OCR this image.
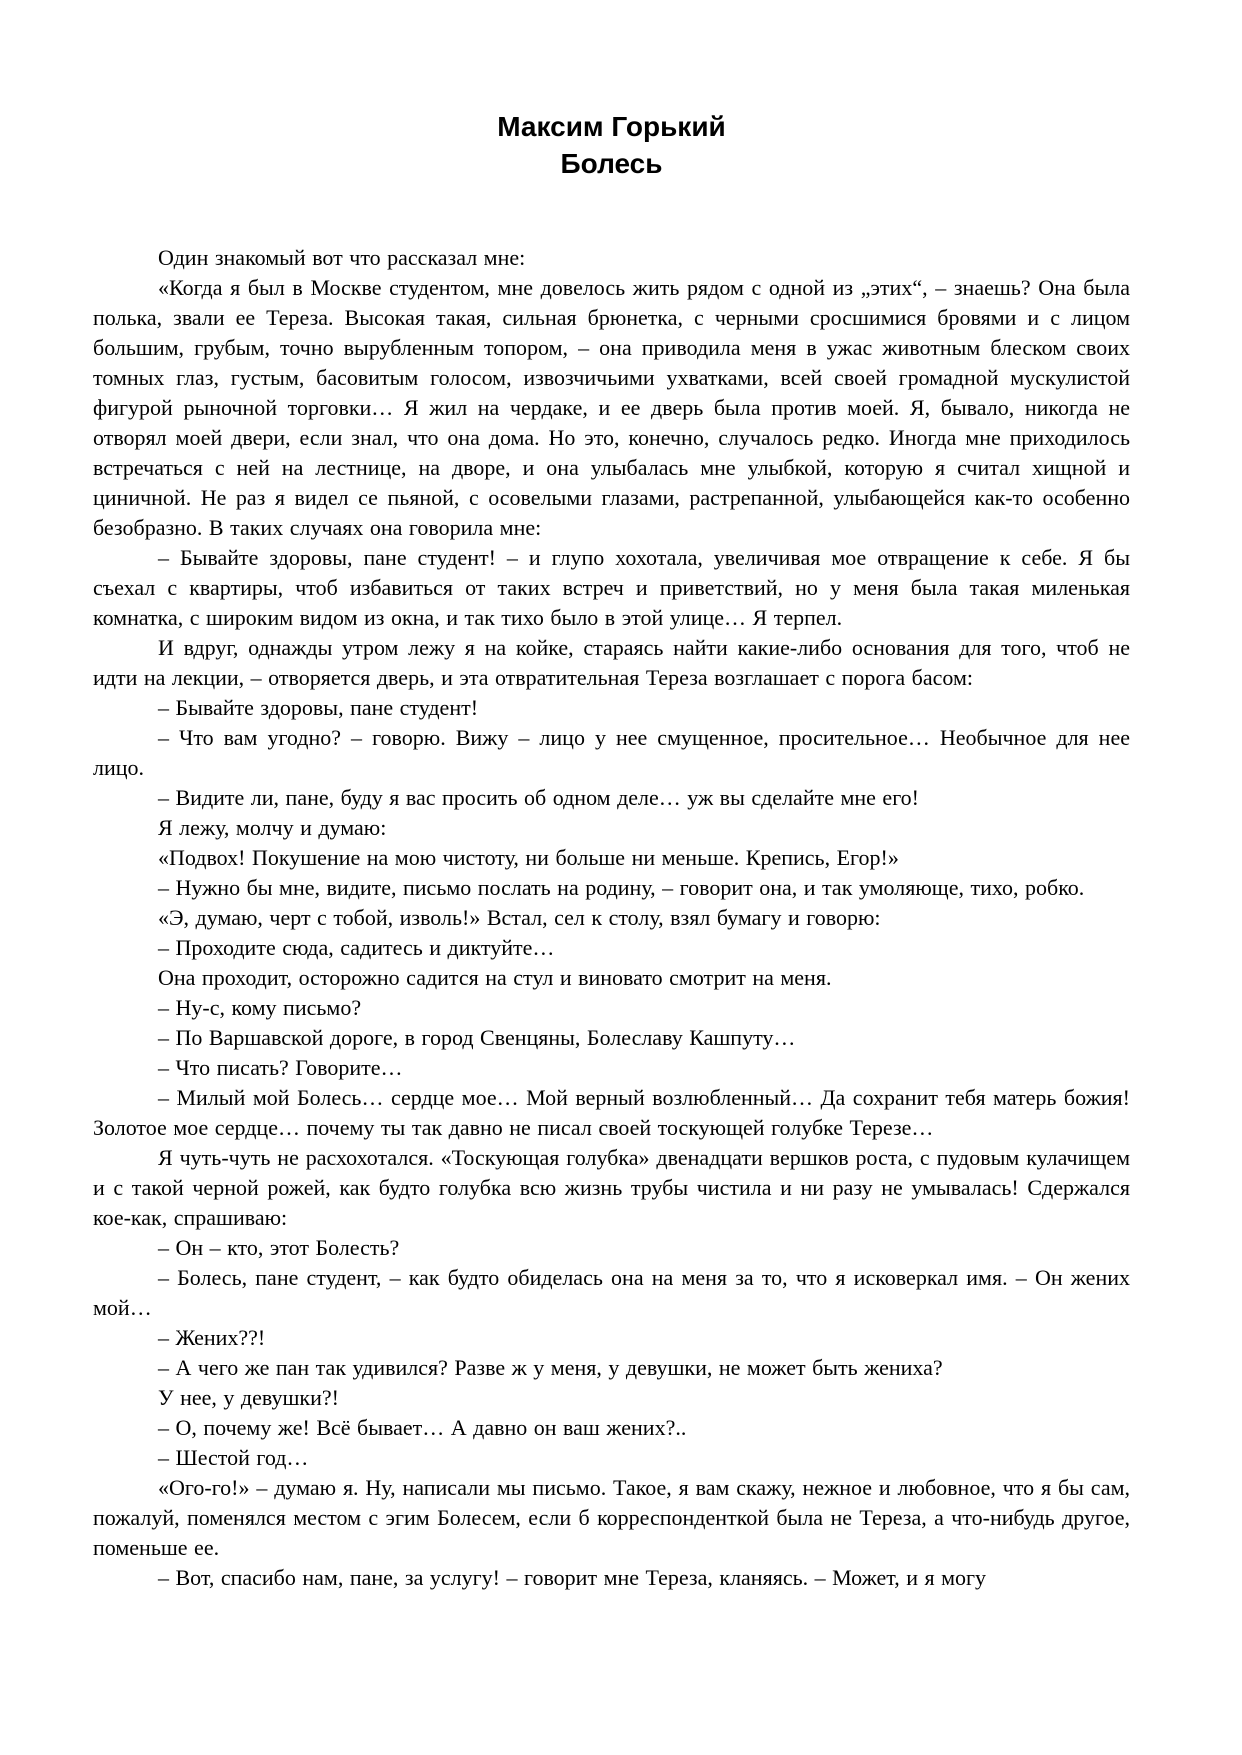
Максим Горький
Болесь

Один знакомый вот что рассказал мне:

«Когда я был в Москве студентом, мне довелось жить рядом с одной из „этих“, – знаешь? Она была полька, звали ее Тереза. Высокая такая, сильная брюнетка, с черными сросшимися бровями и с лицом большим, грубым, точно вырубленным топором, – она приводила меня в ужас животным блеском своих томных глаз, густым, басовитым голосом, извозчичьими ухватками, всей своей громадной мускулистой фигурой рыночной торговки… Я жил на чердаке, и ее дверь была против моей. Я, бывало, никогда не отворял моей двери, если знал, что она дома. Но это, конечно, случалось редко. Иногда мне приходилось встречаться с ней на лестнице, на дворе, и она улыбалась мне улыбкой, которую я считал хищной и циничной. Не раз я видел се пьяной, с осовелыми глазами, растрепанной, улыбающейся как-то особенно безобразно. В таких случаях она говорила мне:

– Бывайте здоровы, пане студент! – и глупо хохотала, увеличивая мое отвращение к себе. Я бы съехал с квартиры, чтоб избавиться от таких встреч и приветствий, но у меня была такая миленькая комнатка, с широким видом из окна, и так тихо было в этой улице… Я терпел.

И вдруг, однажды утром лежу я на койке, стараясь найти какие-либо основания для того, чтоб не идти на лекции, – отворяется дверь, и эта отвратительная Тереза возглашает с порога басом:

– Бывайте здоровы, пане студент!

– Что вам угодно? – говорю. Вижу – лицо у нее смущенное, просительное… Необычное для нее лицо.

– Видите ли, пане, буду я вас просить об одном деле… уж вы сделайте мне его!

Я лежу, молчу и думаю:

«Подвох! Покушение на мою чистоту, ни больше ни меньше. Крепись, Егор!»

– Нужно бы мне, видите, письмо послать на родину, – говорит она, и так умоляюще, тихо, робко.

«Э, думаю, черт с тобой, изволь!» Встал, сел к столу, взял бумагу и говорю:

– Проходите сюда, садитесь и диктуйте…

Она проходит, осторожно садится на стул и виновато смотрит на меня.

– Ну-с, кому письмо?

– По Варшавской дороге, в город Свенцяны, Болеславу Кашпуту…

– Что писать? Говорите…

– Милый мой Болесь… сердце мое… Мой верный возлюбленный… Да сохранит тебя матерь божия! Золотое мое сердце… почему ты так давно не писал своей тоскующей голубке Терезе…

Я чуть-чуть не расхохотался. «Тоскующая голубка» двенадцати вершков роста, с пудовым кулачищем и с такой черной рожей, как будто голубка всю жизнь трубы чистила и ни разу не умывалась! Сдержался кое-как, спрашиваю:

– Он – кто, этот Болесть?

– Болесь, пане студент, – как будто обиделась она на меня за то, что я исковеркал имя. – Он жених мой…

– Жених??!

– А чего же пан так удивился? Разве ж у меня, у девушки, не может быть жениха?

У нее, у девушки?!

– О, почему же! Всё бывает… А давно он ваш жених?..

– Шестой год…

«Ого-го!» – думаю я. Ну, написали мы письмо. Такое, я вам скажу, нежное и любовное, что я бы сам, пожалуй, поменялся местом с эгим Болесем, если б корреспонденткой была не Тереза, а что-нибудь другое, поменьше ее.

– Вот, спасибо нам, пане, за услугу! – говорит мне Тереза, кланяясь. – Может, и я могу
